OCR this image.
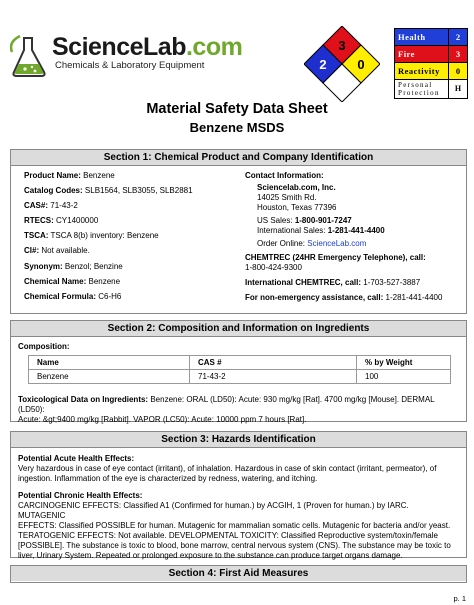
ScienceLab.com
Chemicals & Laboratory Equipment
3
2 0
Health	2
Fire	3
Reactivity	0
Personal
Protection	H
Material Safety Data Sheet
Benzene MSDS
Section 1: Chemical Product and Company Identification
Product Name: Benzene
Catalog Codes: SLB1564, SLB3055, SLB2881
CAS#: 71-43-2
RTECS: CY1400000
TSCA: TSCA 8(b) inventory: Benzene
CI#: Not available.
Synonym: Benzol; Benzine
Chemical Name: Benzene
Chemical Formula: C6-H6
Contact Information:
Sciencelab.com, Inc.
14025 Smith Rd.
Houston, Texas 77396
US Sales: 1-800-901-7247
International Sales: 1-281-441-4400
Order Online: ScienceLab.com
CHEMTREC (24HR Emergency Telephone), call:
1-800-424-9300
International CHEMTREC, call: 1-703-527-3887
For non-emergency assistance, call: 1-281-441-4400
Section 2: Composition and Information on Ingredients
Composition:
Name	CAS #	% by Weight
Benzene	71-43-2	100
Toxicological Data on Ingredients: Benzene: ORAL (LD50): Acute: 930 mg/kg [Rat]. 4700 mg/kg [Mouse]. DERMAL (LD50):
Acute: &gt;9400 mg/kg [Rabbit]. VAPOR (LC50): Acute: 10000 ppm 7 hours [Rat].
Section 3: Hazards Identification
Potential Acute Health Effects:
Very hazardous in case of eye contact (irritant), of inhalation. Hazardous in case of skin contact (irritant, permeator), of
ingestion. Inflammation of the eye is characterized by redness, watering, and itching.
Potential Chronic Health Effects:
CARCINOGENIC EFFECTS: Classified A1 (Confirmed for human.) by ACGIH, 1 (Proven for human.) by IARC. MUTAGENIC
EFFECTS: Classified POSSIBLE for human. Mutagenic for mammalian somatic cells. Mutagenic for bacteria and/or yeast.
TERATOGENIC EFFECTS: Not available. DEVELOPMENTAL TOXICITY: Classified Reproductive system/toxin/female
[POSSIBLE]. The substance is toxic to blood, bone marrow, central nervous system (CNS). The substance may be toxic to
liver, Urinary System. Repeated or prolonged exposure to the substance can produce target organs damage.
Section 4: First Aid Measures
p. 1
